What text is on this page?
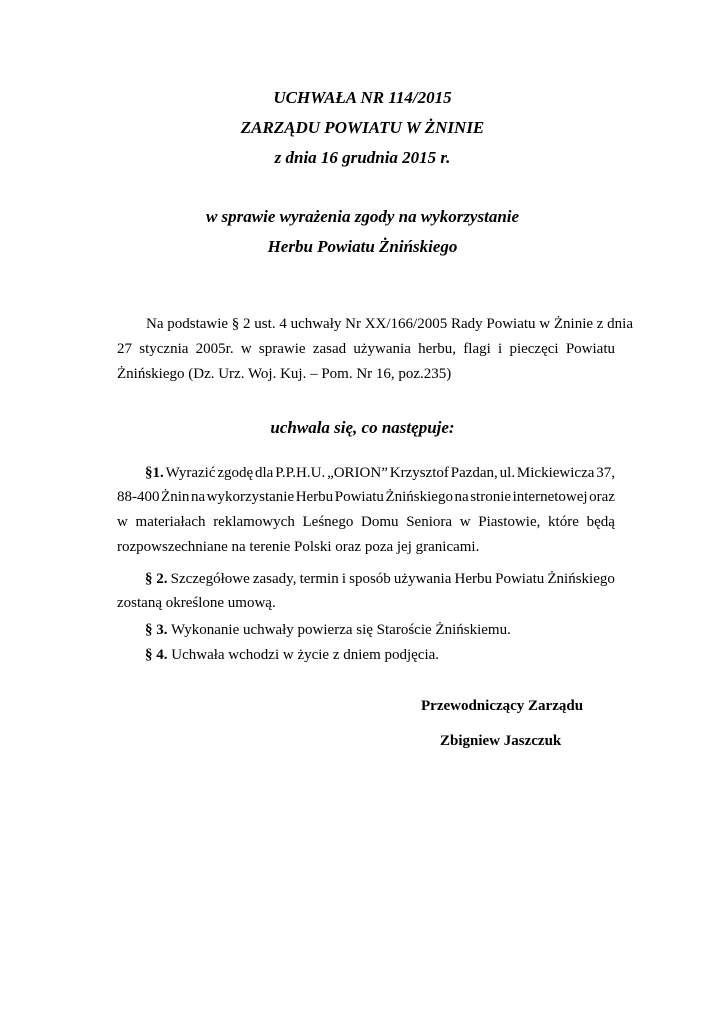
UCHWAŁA NR 114/2015
ZARZĄDU POWIATU W ŻNINIE
z dnia 16 grudnia 2015 r.
w sprawie wyrażenia zgody na wykorzystanie
Herbu Powiatu Żnińskiego
Na podstawie § 2 ust. 4 uchwały Nr XX/166/2005 Rady Powiatu w Żninie z dnia
27 stycznia 2005r. w sprawie zasad używania herbu, flagi i pieczęci Powiatu
Żnińskiego (Dz. Urz. Woj. Kuj. – Pom. Nr 16, poz.235)
uchwala się, co następuje:
§1. Wyrazić zgodę dla P.P.H.U. „ORION” Krzysztof Pazdan, ul. Mickiewicza 37,
88-400 Żnin na wykorzystanie Herbu Powiatu Żnińskiego na stronie internetowej oraz
w materiałach reklamowych Leśnego Domu Seniora w Piastowie, które będą
rozpowszechniane na terenie Polski oraz poza jej granicami.
§ 2. Szczegółowe zasady, termin i sposób używania Herbu Powiatu Żnińskiego
zostaną określone umową.
§ 3. Wykonanie uchwały powierza się Staroście Żnińskiemu.
§ 4. Uchwała wchodzi w życie z dniem podjęcia.
Przewodniczący Zarządu
Zbigniew Jaszczuk
